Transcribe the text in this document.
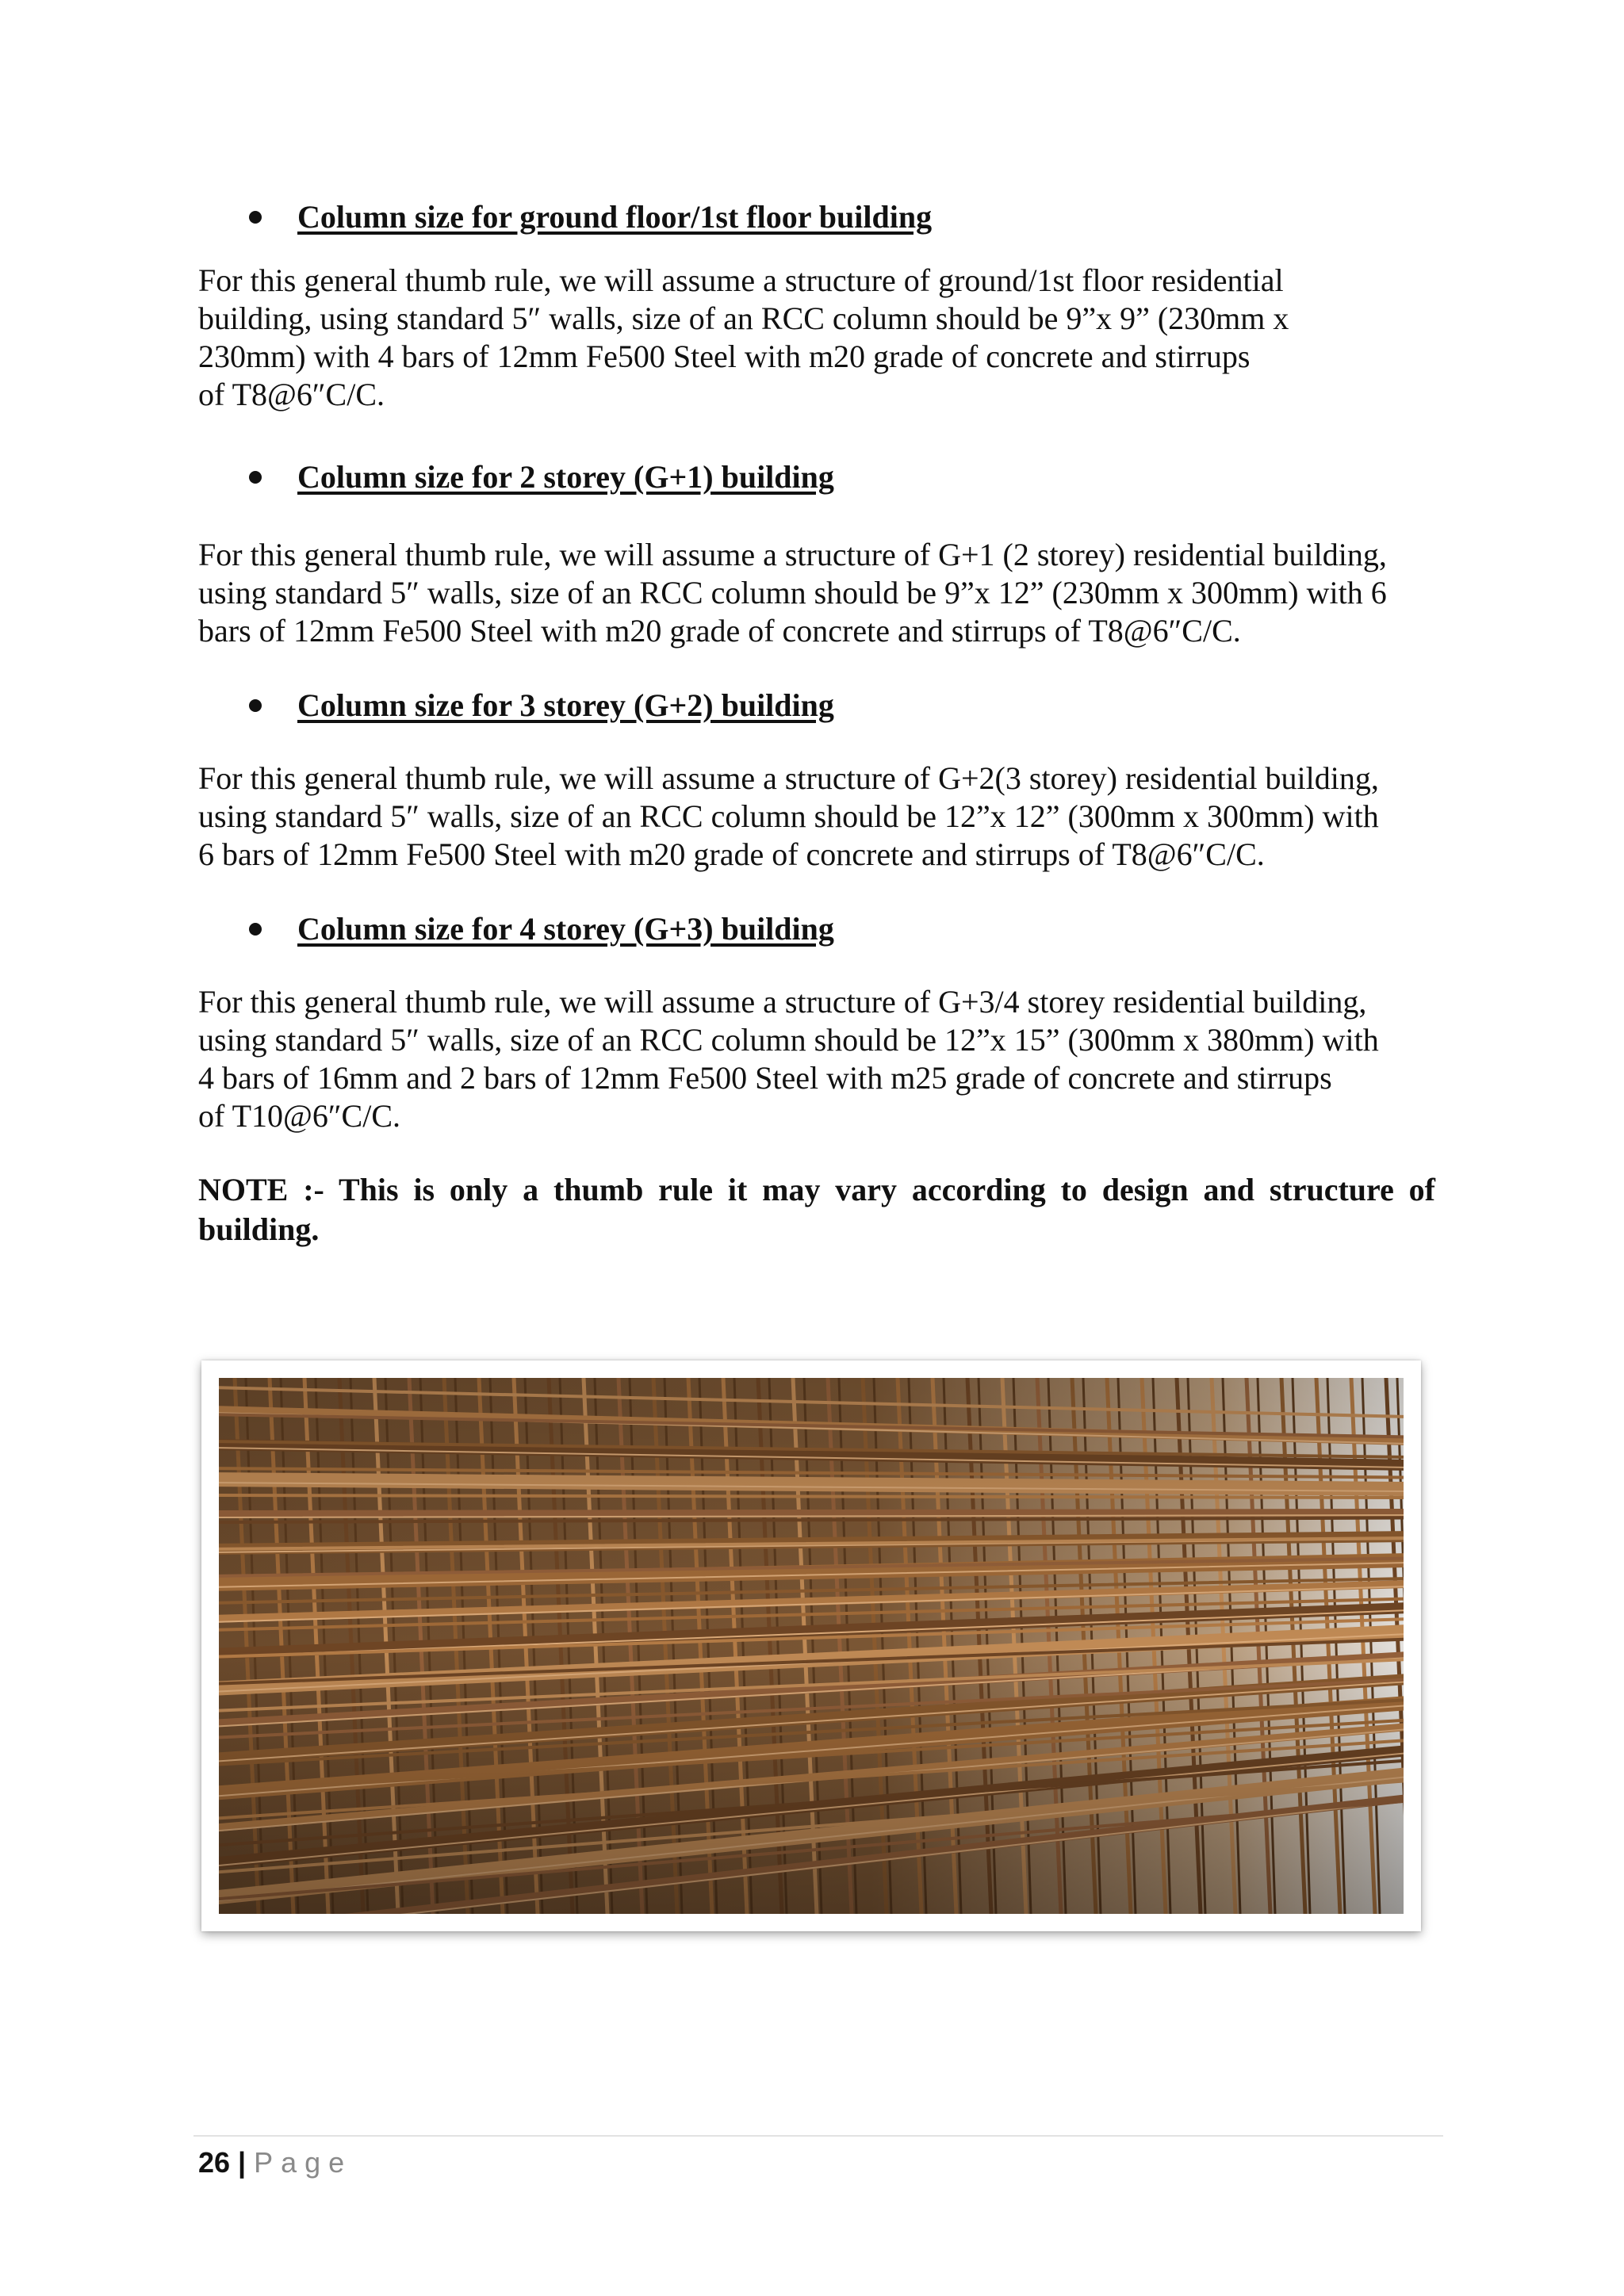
Column size for ground floor/1st floor building

For this general thumb rule, we will assume a structure of ground/1st floor residential
building, using standard 5″ walls, size of an RCC column should be 9”x 9” (230mm x
230mm) with 4 bars of 12mm Fe500 Steel with m20 grade of concrete and stirrups
of T8@6″C/C.

Column size for 2 storey (G+1) building

For this general thumb rule, we will assume a structure of G+1 (2 storey) residential building,
using standard 5″ walls, size of an RCC column should be 9”x 12” (230mm x 300mm) with 6
bars of 12mm Fe500 Steel with m20 grade of concrete and stirrups of T8@6″C/C.

Column size for 3 storey (G+2) building

For this general thumb rule, we will assume a structure of G+2(3 storey) residential building,
using standard 5″ walls, size of an RCC column should be 12”x 12” (300mm x 300mm) with
6 bars of 12mm Fe500 Steel with m20 grade of concrete and stirrups of T8@6″C/C.

Column size for 4 storey (G+3) building

For this general thumb rule, we will assume a structure of G+3/4 storey residential building,
using standard 5″ walls, size of an RCC column should be 12”x 15” (300mm x 380mm) with
4 bars of 16mm and 2 bars of 12mm Fe500 Steel with m25 grade of concrete and stirrups
of T10@6″C/C.

NOTE :- This is only a thumb rule it may vary according to design and structure of building.

26 | Page
